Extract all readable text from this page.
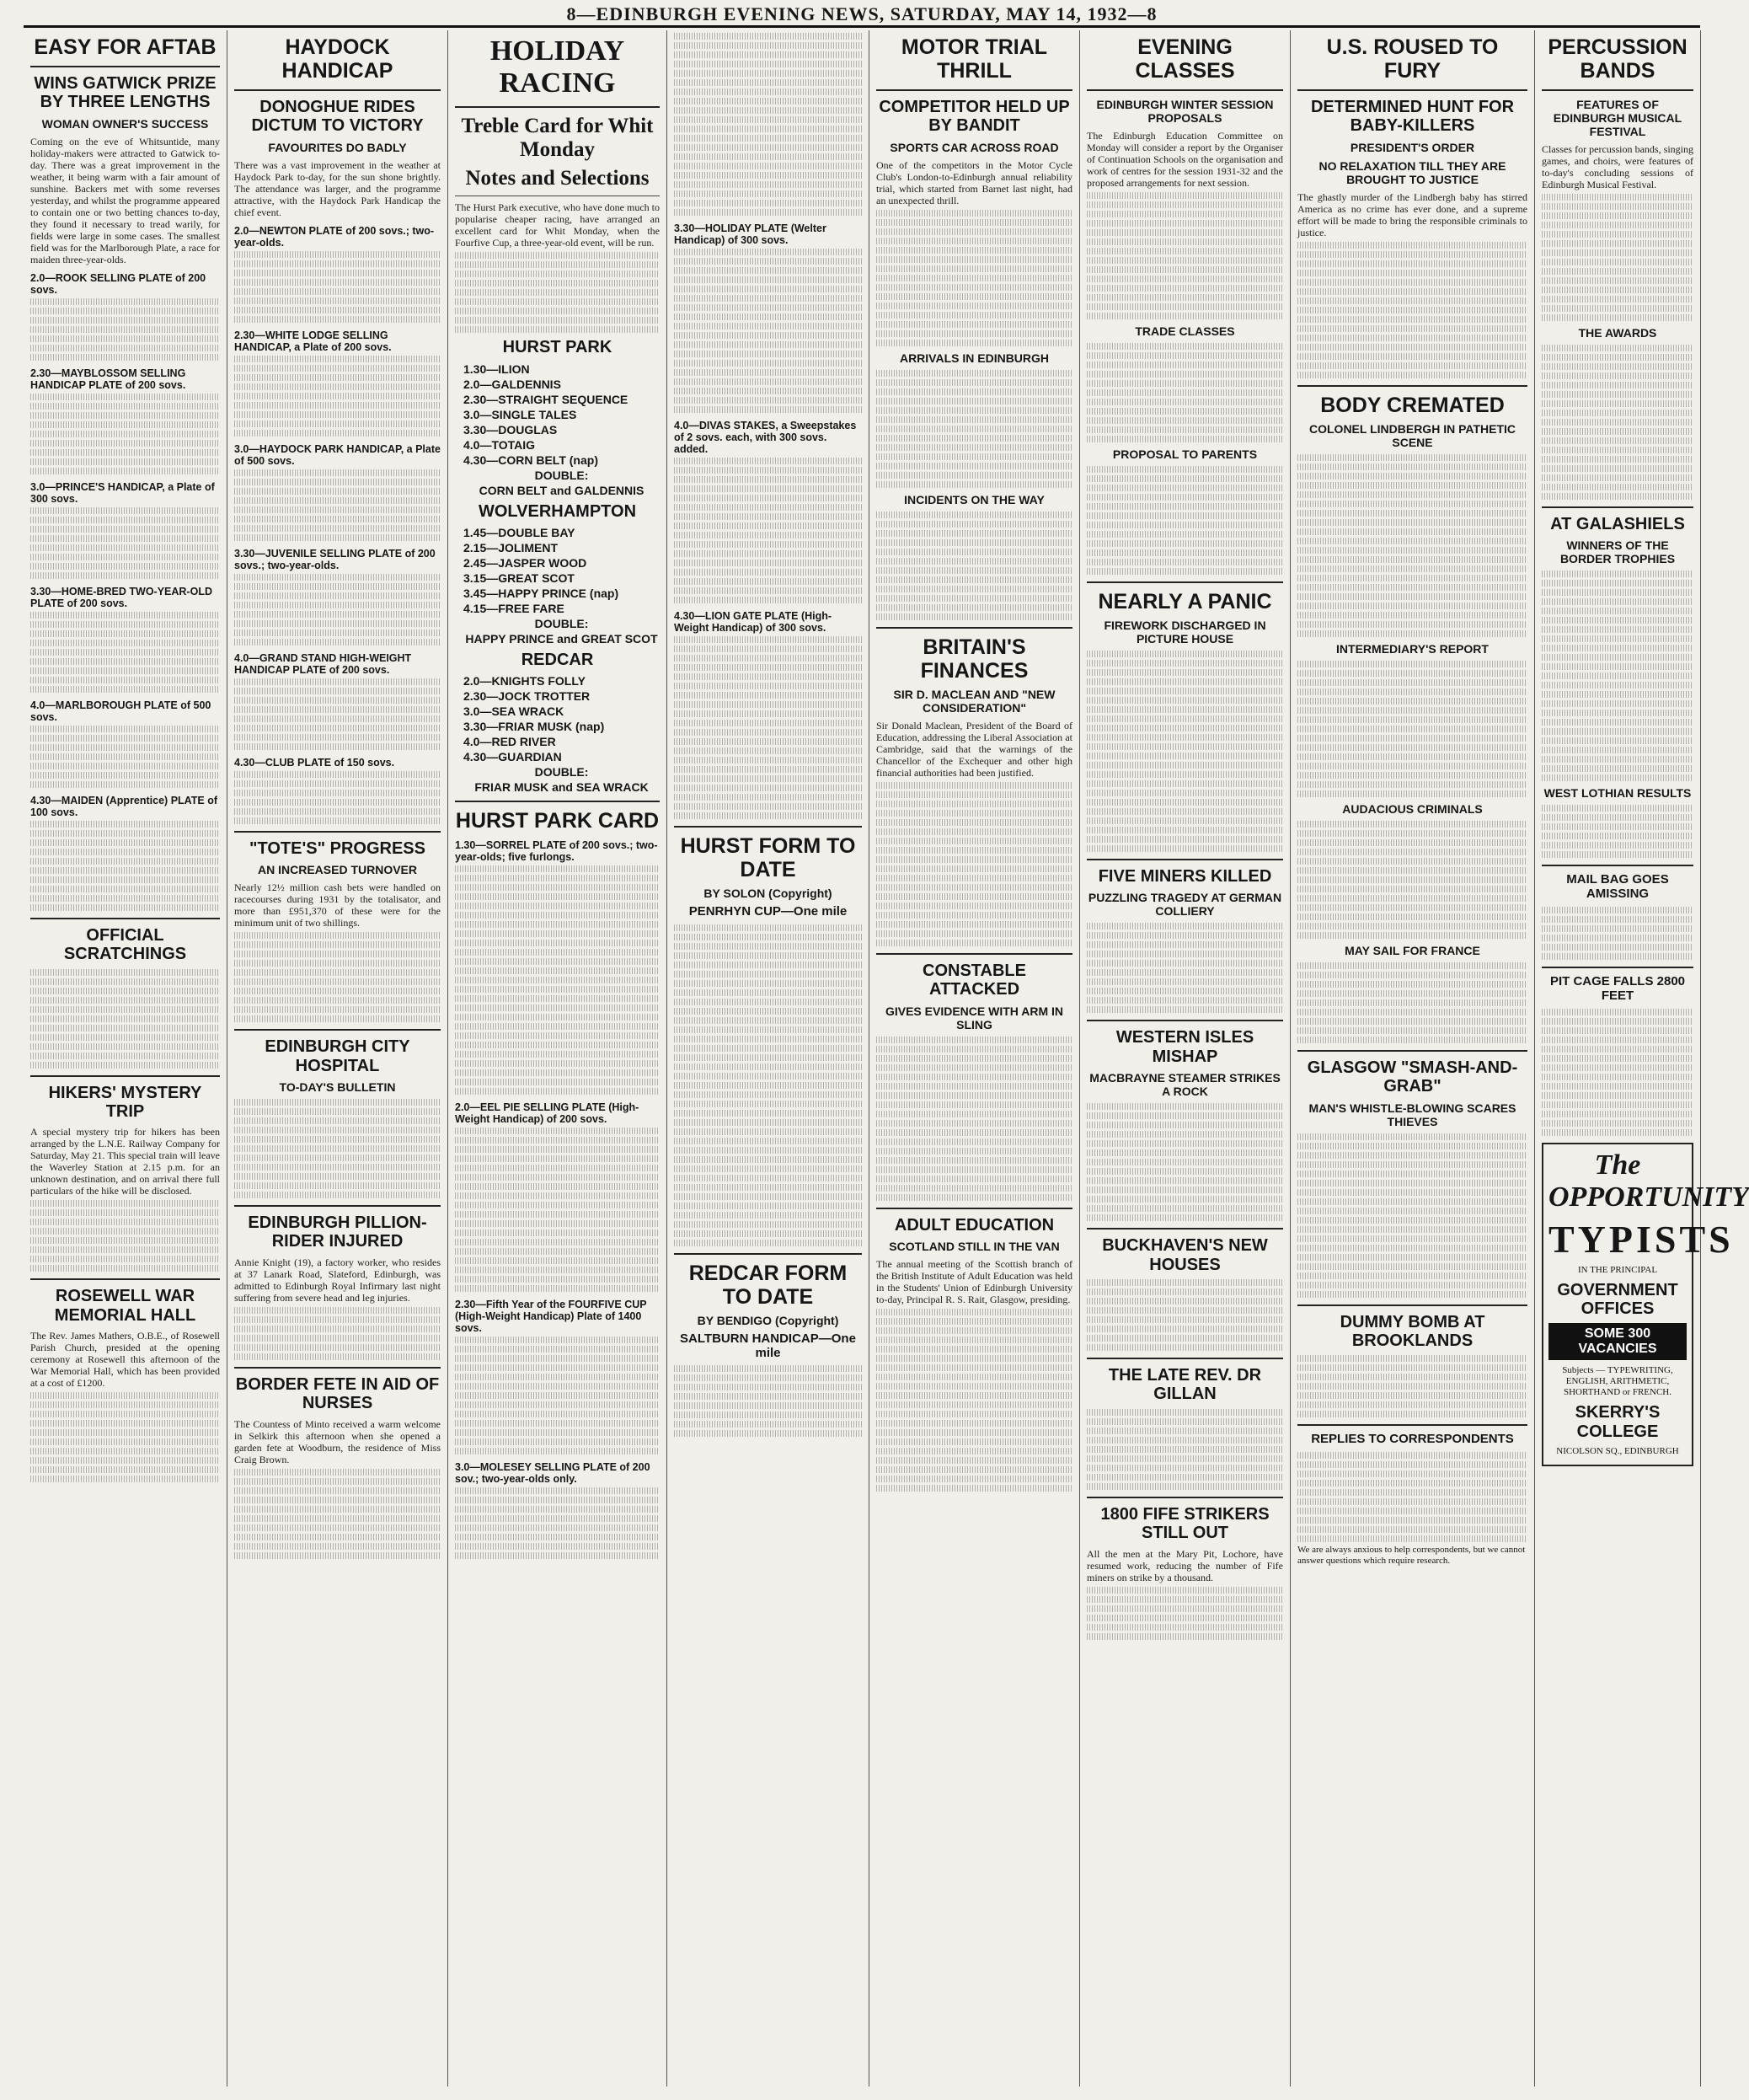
8—EDINBURGH EVENING NEWS, SATURDAY, MAY 14, 1932—8
EASY FOR AFTAB
WINS GATWICK PRIZE BY THREE LENGTHS
WOMAN OWNER'S SUCCESS
Coming on the eve of Whitsuntide, many holiday-makers were attracted to Gatwick to-day. There was a great improvement in the weather, it being warm with a fair amount of sunshine. Backers met with some reverses yesterday, and whilst the programme appeared to contain one or two betting chances to-day, they found it necessary to tread warily, for fields were large in some cases. The smallest field was for the Marlborough Plate, a race for maiden three-year-olds.
2.0—ROOK SELLING PLATE of 200 sovs.
2.30—MAYBLOSSOM SELLING HANDICAP PLATE of 200 sovs.
3.0—PRINCE'S HANDICAP, a Plate of 300 sovs.
3.30—HOME-BRED TWO-YEAR-OLD PLATE of 200 sovs.
4.0—MARLBOROUGH PLATE of 500 sovs.
4.30—MAIDEN (Apprentice) PLATE of 100 sovs.
OFFICIAL SCRATCHINGS
HIKERS' MYSTERY TRIP
A special mystery trip for hikers has been arranged by the L.N.E. Railway Company for Saturday, May 21. This special train will leave the Waverley Station at 2.15 p.m. for an unknown destination, and on arrival there full particulars of the hike will be disclosed.
ROSEWELL WAR MEMORIAL HALL
The Rev. James Mathers, O.B.E., of Rosewell Parish Church, presided at the opening ceremony at Rosewell this afternoon of the War Memorial Hall, which has been provided at a cost of £1200.
HAYDOCK HANDICAP
DONOGHUE RIDES DICTUM TO VICTORY
FAVOURITES DO BADLY
There was a vast improvement in the weather at Haydock Park to-day, for the sun shone brightly. The attendance was larger, and the programme attractive, with the Haydock Park Handicap the chief event.
2.0—NEWTON PLATE of 200 sovs.; two-year-olds.
2.30—WHITE LODGE SELLING HANDICAP, a Plate of 200 sovs.
3.0—HAYDOCK PARK HANDICAP, a Plate of 500 sovs.
3.30—JUVENILE SELLING PLATE of 200 sovs.; two-year-olds.
4.0—GRAND STAND HIGH-WEIGHT HANDICAP PLATE of 200 sovs.
4.30—CLUB PLATE of 150 sovs.
"TOTE'S" PROGRESS
AN INCREASED TURNOVER
Nearly 12½ million cash bets were handled on racecourses during 1931 by the totalisator, and more than £951,370 of these were for the minimum unit of two shillings.
EDINBURGH CITY HOSPITAL
TO-DAY'S BULLETIN
EDINBURGH PILLION-RIDER INJURED
Annie Knight (19), a factory worker, who resides at 37 Lanark Road, Slateford, Edinburgh, was admitted to Edinburgh Royal Infirmary last night suffering from severe head and leg injuries.
BORDER FETE IN AID OF NURSES
The Countess of Minto received a warm welcome in Selkirk this afternoon when she opened a garden fete at Woodburn, the residence of Miss Craig Brown.
HOLIDAY RACING
Treble Card for Whit Monday
Notes and Selections
The Hurst Park executive, who have done much to popularise cheaper racing, have arranged an excellent card for Whit Monday, when the Fourfive Cup, a three-year-old event, will be run.
HURST PARK
1.30—ILION
2.0—GALDENNIS
2.30—STRAIGHT SEQUENCE
3.0—SINGLE TALES
3.30—DOUGLAS
4.0—TOTAIG
4.30—CORN BELT (nap)
DOUBLE:
CORN BELT and GALDENNIS
WOLVERHAMPTON
1.45—DOUBLE BAY
2.15—JOLIMENT
2.45—JASPER WOOD
3.15—GREAT SCOT
3.45—HAPPY PRINCE (nap)
4.15—FREE FARE
DOUBLE:
HAPPY PRINCE and GREAT SCOT
REDCAR
2.0—KNIGHTS FOLLY
2.30—JOCK TROTTER
3.0—SEA WRACK
3.30—FRIAR MUSK (nap)
4.0—RED RIVER
4.30—GUARDIAN
DOUBLE:
FRIAR MUSK and SEA WRACK
HURST PARK CARD
1.30—SORREL PLATE of 200 sovs.; two-year-olds; five furlongs.
2.0—EEL PIE SELLING PLATE (High-Weight Handicap) of 200 sovs.
2.30—Fifth Year of the FOURFIVE CUP (High-Weight Handicap) Plate of 1400 sovs.
3.0—MOLESEY SELLING PLATE of 200 sov.; two-year-olds only.
3.30—HOLIDAY PLATE (Welter Handicap) of 300 sovs.
4.0—DIVAS STAKES, a Sweepstakes of 2 sovs. each, with 300 sovs. added.
4.30—LION GATE PLATE (High-Weight Handicap) of 300 sovs.
HURST FORM TO DATE
BY SOLON (Copyright)
PENRHYN CUP—One mile
REDCAR FORM TO DATE
BY BENDIGO (Copyright)
SALTBURN HANDICAP—One mile
MOTOR TRIAL THRILL
COMPETITOR HELD UP BY BANDIT
SPORTS CAR ACROSS ROAD
One of the competitors in the Motor Cycle Club's London-to-Edinburgh annual reliability trial, which started from Barnet last night, had an unexpected thrill.
ARRIVALS IN EDINBURGH
INCIDENTS ON THE WAY
BRITAIN'S FINANCES
SIR D. MACLEAN AND "NEW CONSIDERATION"
Sir Donald Maclean, President of the Board of Education, addressing the Liberal Association at Cambridge, said that the warnings of the Chancellor of the Exchequer and other high financial authorities had been justified.
CONSTABLE ATTACKED
GIVES EVIDENCE WITH ARM IN SLING
ADULT EDUCATION
SCOTLAND STILL IN THE VAN
The annual meeting of the Scottish branch of the British Institute of Adult Education was held in the Students' Union of Edinburgh University to-day, Principal R. S. Rait, Glasgow, presiding.
EVENING CLASSES
EDINBURGH WINTER SESSION PROPOSALS
The Edinburgh Education Committee on Monday will consider a report by the Organiser of Continuation Schools on the organisation and work of centres for the session 1931-32 and the proposed arrangements for next session.
TRADE CLASSES
PROPOSAL TO PARENTS
NEARLY A PANIC
FIREWORK DISCHARGED IN PICTURE HOUSE
FIVE MINERS KILLED
PUZZLING TRAGEDY AT GERMAN COLLIERY
WESTERN ISLES MISHAP
MACBRAYNE STEAMER STRIKES A ROCK
BUCKHAVEN'S NEW HOUSES
THE LATE REV. DR GILLAN
1800 FIFE STRIKERS STILL OUT
All the men at the Mary Pit, Lochore, have resumed work, reducing the number of Fife miners on strike by a thousand.
U.S. ROUSED TO FURY
DETERMINED HUNT FOR BABY-KILLERS
PRESIDENT'S ORDER
NO RELAXATION TILL THEY ARE BROUGHT TO JUSTICE
The ghastly murder of the Lindbergh baby has stirred America as no crime has ever done, and a supreme effort will be made to bring the responsible criminals to justice.
BODY CREMATED
COLONEL LINDBERGH IN PATHETIC SCENE
INTERMEDIARY'S REPORT
AUDACIOUS CRIMINALS
MAY SAIL FOR FRANCE
GLASGOW "SMASH-AND-GRAB"
MAN'S WHISTLE-BLOWING SCARES THIEVES
DUMMY BOMB AT BROOKLANDS
REPLIES TO CORRESPONDENTS
We are always anxious to help correspondents, but we cannot answer questions which require research.
PERCUSSION BANDS
FEATURES OF EDINBURGH MUSICAL FESTIVAL
Classes for percussion bands, singing games, and choirs, were features of to-day's concluding sessions of Edinburgh Musical Festival.
THE AWARDS
AT GALASHIELS
WINNERS OF THE BORDER TROPHIES
WEST LOTHIAN RESULTS
MAIL BAG GOES AMISSING
PIT CAGE FALLS 2800 FEET
The OPPORTUNITY
TYPISTS
IN THE PRINCIPAL
GOVERNMENT OFFICES
SOME 300 VACANCIES
Subjects — TYPEWRITING, ENGLISH, ARITHMETIC, SHORTHAND or FRENCH.
SKERRY'S COLLEGE
NICOLSON SQ., EDINBURGH
